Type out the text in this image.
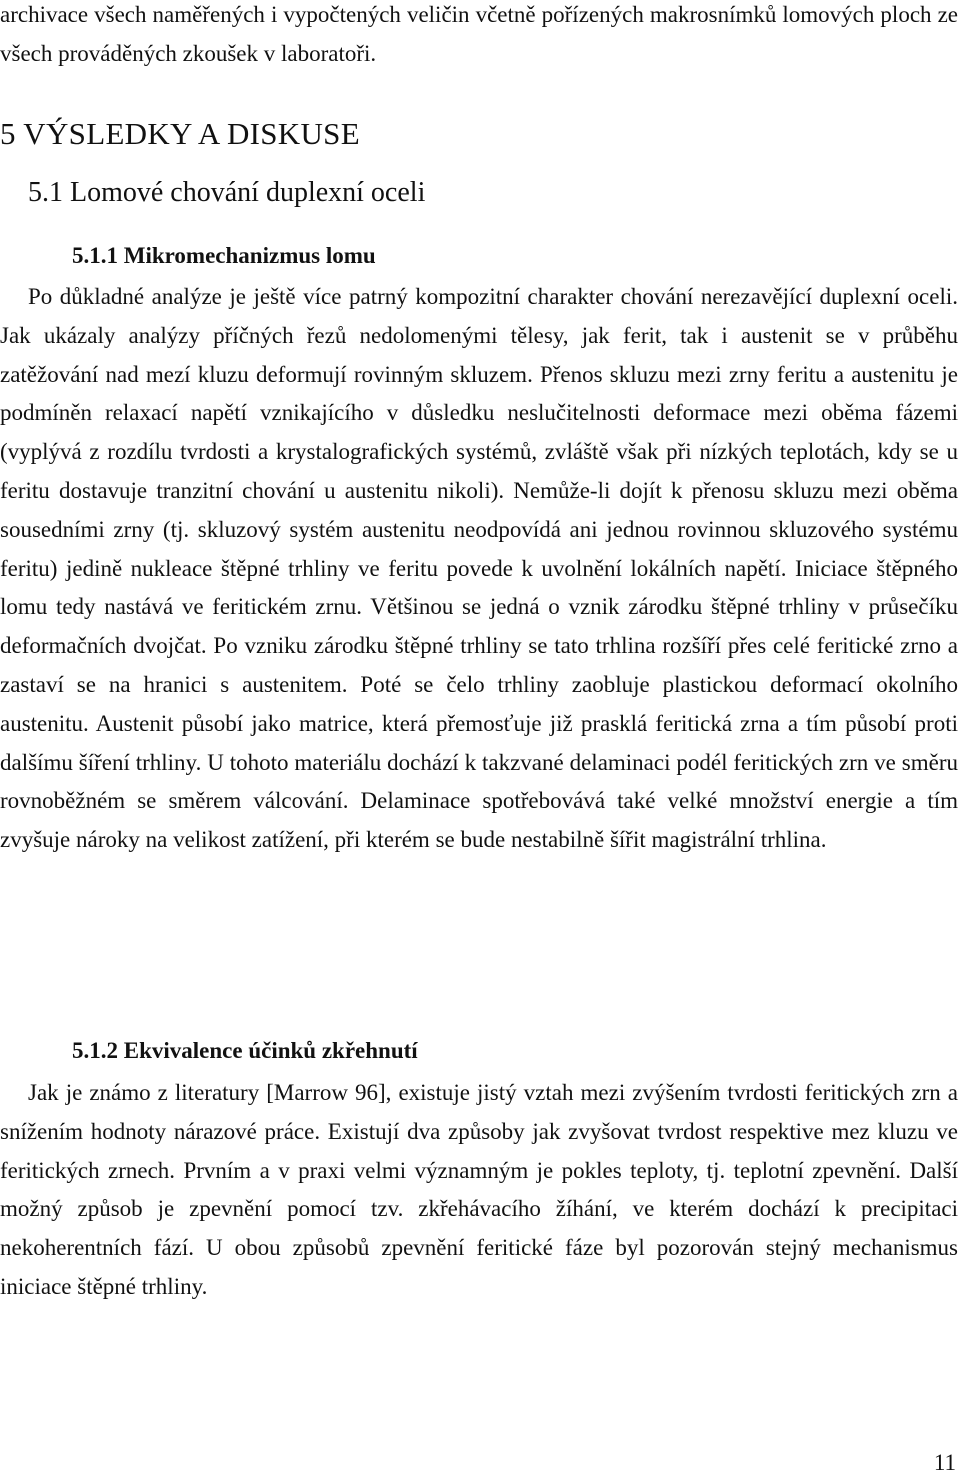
archivace všech naměřených i vypočtených veličin včetně pořízených makrosnímků lomových ploch ze všech prováděných zkoušek v laboratoři.

5 VÝSLEDKY A DISKUSE
5.1 Lomové chování duplexní oceli
5.1.1 Mikromechanizmus lomu

Po důkladné analýze je ještě více patrný kompozitní charakter chování nerezavějící duplexní oceli. Jak ukázaly analýzy příčných řezů nedolomenými tělesy, jak ferit, tak i austenit se v průběhu zatěžování nad mezí kluzu deformují rovinným skluzem. Přenos skluzu mezi zrny feritu a austenitu je podmíněn relaxací napětí vznikajícího v důsledku neslučitelnosti deformace mezi oběma fázemi (vyplývá z rozdílu tvrdosti a krystalografických systémů, zvláště však při nízkých teplotách, kdy se u feritu dostavuje tranzitní chování u austenitu nikoli). Nemůže-li dojít k přenosu skluzu mezi oběma sousedními zrny (tj. skluzový systém austenitu neodpovídá ani jednou rovinnou skluzového systému feritu) jedině nukleace štěpné trhliny ve feritu povede k uvolnění lokálních napětí. Iniciace štěpného lomu tedy nastává ve feritickém zrnu. Většinou se jedná o vznik zárodku štěpné trhliny v průsečíku deformačních dvojčat. Po vzniku zárodku štěpné trhliny se tato trhlina rozšíří přes celé feritické zrno a zastaví se na hranici s austenitem. Poté se čelo trhliny zaobluje plastickou deformací okolního austenitu. Austenit působí jako matrice, která přemosťuje již prasklá feritická zrna a tím působí proti dalšímu šíření trhliny. U tohoto materiálu dochází k takzvané delaminaci podél feritických zrn ve směru rovnoběžném se směrem válcování. Delaminace spotřebovává také velké množství energie a tím zvyšuje nároky na velikost zatížení, při kterém se bude nestabilně šířit magistrální trhlina.

5.1.2 Ekvivalence účinků zkřehnutí

Jak je známo z literatury [Marrow 96], existuje jistý vztah mezi zvýšením tvrdosti feritických zrn a snížením hodnoty nárazové práce. Existují dva způsoby jak zvyšovat tvrdost respektive mez kluzu ve feritických zrnech. Prvním a v praxi velmi významným je pokles teploty, tj. teplotní zpevnění. Další možný způsob je zpevnění pomocí tzv. zkřehávacího žíhání, ve kterém dochází k precipitaci nekoherentních fází. U obou způsobů zpevnění feritické fáze byl pozorován stejný mechanismus iniciace štěpné trhliny.

11
